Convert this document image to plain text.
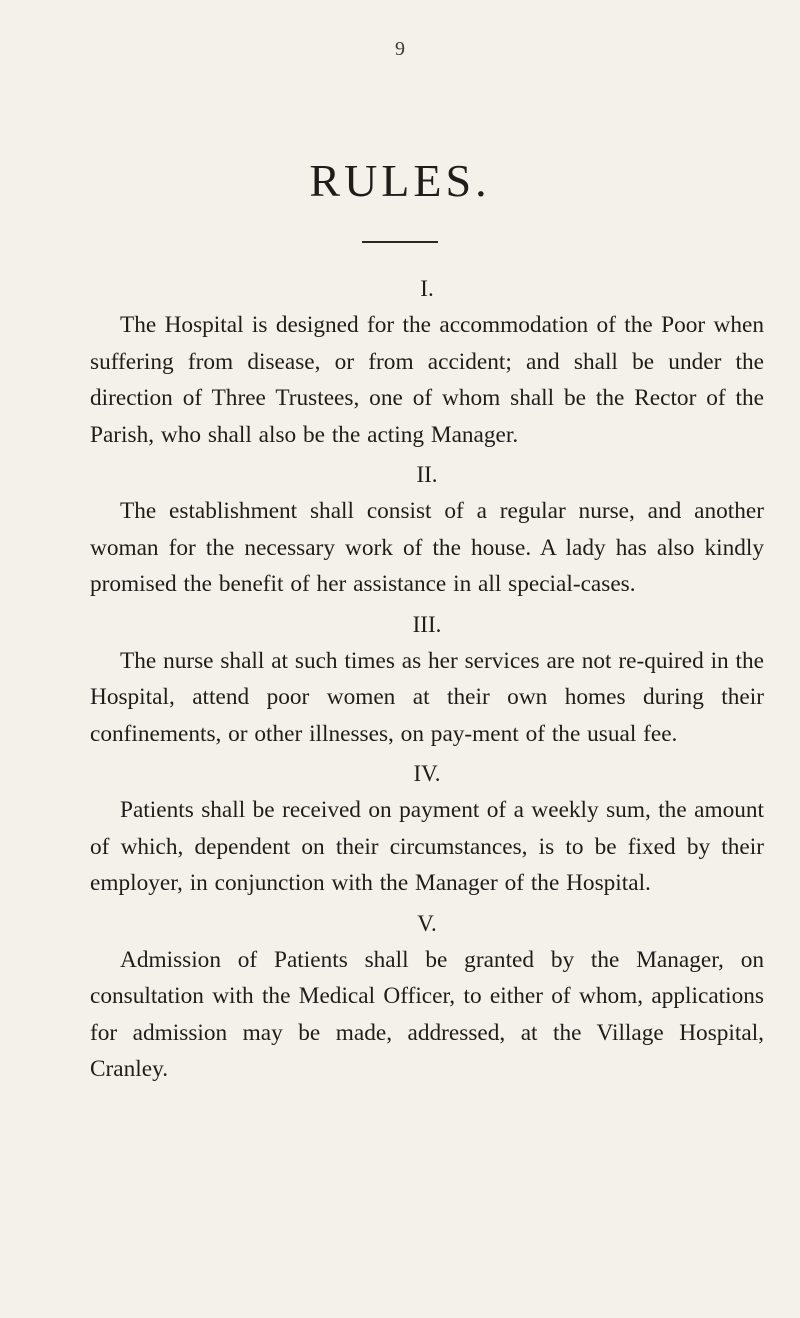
9
RULES.

I.

The Hospital is designed for the accommodation of the Poor when suffering from disease, or from accident; and shall be under the direction of Three Trustees, one of whom shall be the Rector of the Parish, who shall also be the acting Manager.

II.

The establishment shall consist of a regular nurse, and another woman for the necessary work of the house. A lady has also kindly promised the benefit of her assistance in all special-cases.

III.

The nurse shall at such times as her services are not re-quired in the Hospital, attend poor women at their own homes during their confinements, or other illnesses, on pay-ment of the usual fee.

IV.

Patients shall be received on payment of a weekly sum, the amount of which, dependent on their circumstances, is to be fixed by their employer, in conjunction with the Manager of the Hospital.

V.

Admission of Patients shall be granted by the Manager, on consultation with the Medical Officer, to either of whom, applications for admission may be made, addressed, at the Village Hospital, Cranley.
